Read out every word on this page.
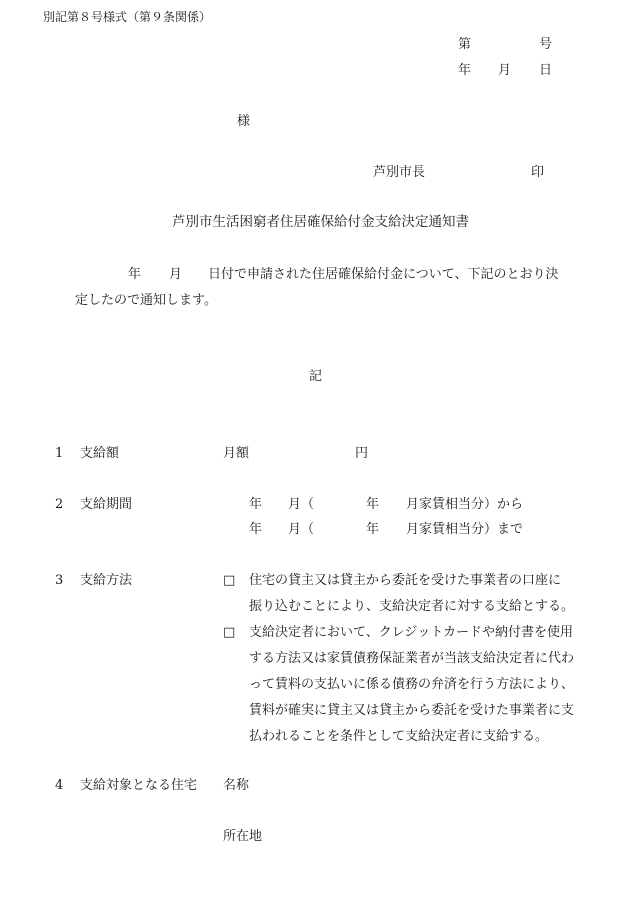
別記第８号様式（第９条関係）
第	号
年 月 日
様
芦別市長	印
芦別市生活困窮者住居確保給付金支給決定通知書
年 月 日付で申請された住居確保給付金について、下記のとおり決
定したので通知します。
記
1 支給額	月額	円
2 支給期間	年 月（	年 月家賃相当分）から
年 月（	年 月家賃相当分）まで
3 支給方法	□ 住宅の貸主又は貸主から委託を受けた事業者の口座に
振り込むことにより、支給決定者に対する支給とする。
□ 支給決定者において、クレジットカードや納付書を使用
する方法又は家賃債務保証業者が当該支給決定者に代わ
って賃料の支払いに係る債務の弁済を行う方法により、
賃料が確実に貸主又は貸主から委託を受けた事業者に支
払われることを条件として支給決定者に支給する。
4 支給対象となる住宅 名称
所在地
